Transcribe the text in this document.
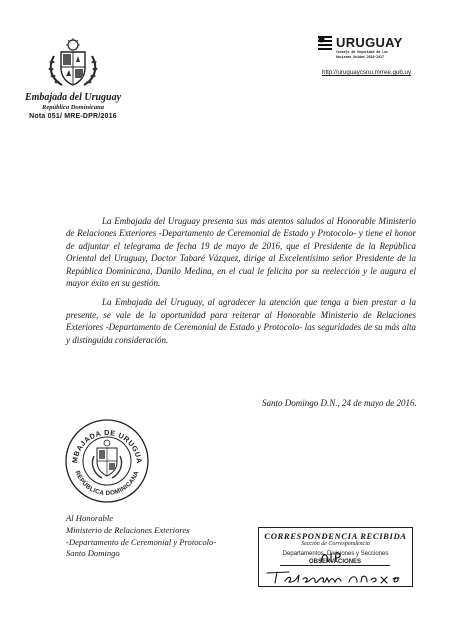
Embajada del Uruguay
República Dominicana
Nota 051/ MRE-DPR/2016
URUGUAY
Consejo de Seguridad de las
Naciones Unidas 2016-2017
http://uruguaycsnu.mrree.gub.uy

La Embajada del Uruguay presenta sus más atentos saludos al Honorable Ministerio de Relaciones Exteriores -Departamento de Ceremonial de Estado y Protocolo- y tiene el honor de adjuntar el telegrama de fecha 19 de mayo de 2016, que el Presidente de la República Oriental del Uruguay, Doctor Tabaré Vázquez, dirige al Excelentísimo señor Presidente de la República Dominicana, Danilo Medina, en el cual le felicita por su reelección y le augura el mayor éxito en su gestión.

La Embajada del Uruguay, al agradecer la atención que tenga a bien prestar a la presente, se vale de la oportunidad para reiterar al Honorable Ministerio de Relaciones Exteriores -Departamento de Ceremonial de Estado y Protocolo- las seguridades de su más alta y distinguida consideración.

Santo Domingo D.N., 24 de mayo de 2016.
MBAJADA DE URUGUA
REPÚBLICA DOMINICANA
Al Honorable
Ministerio de Relaciones Exteriores
-Departamento de Ceremonial y Protocolo-
Santo Domingo
CORRESPONDENCIA RECIBIDA
Sección de Correspondencia
Departamentos, Divisiones y Secciones
OBSERVACIONES
